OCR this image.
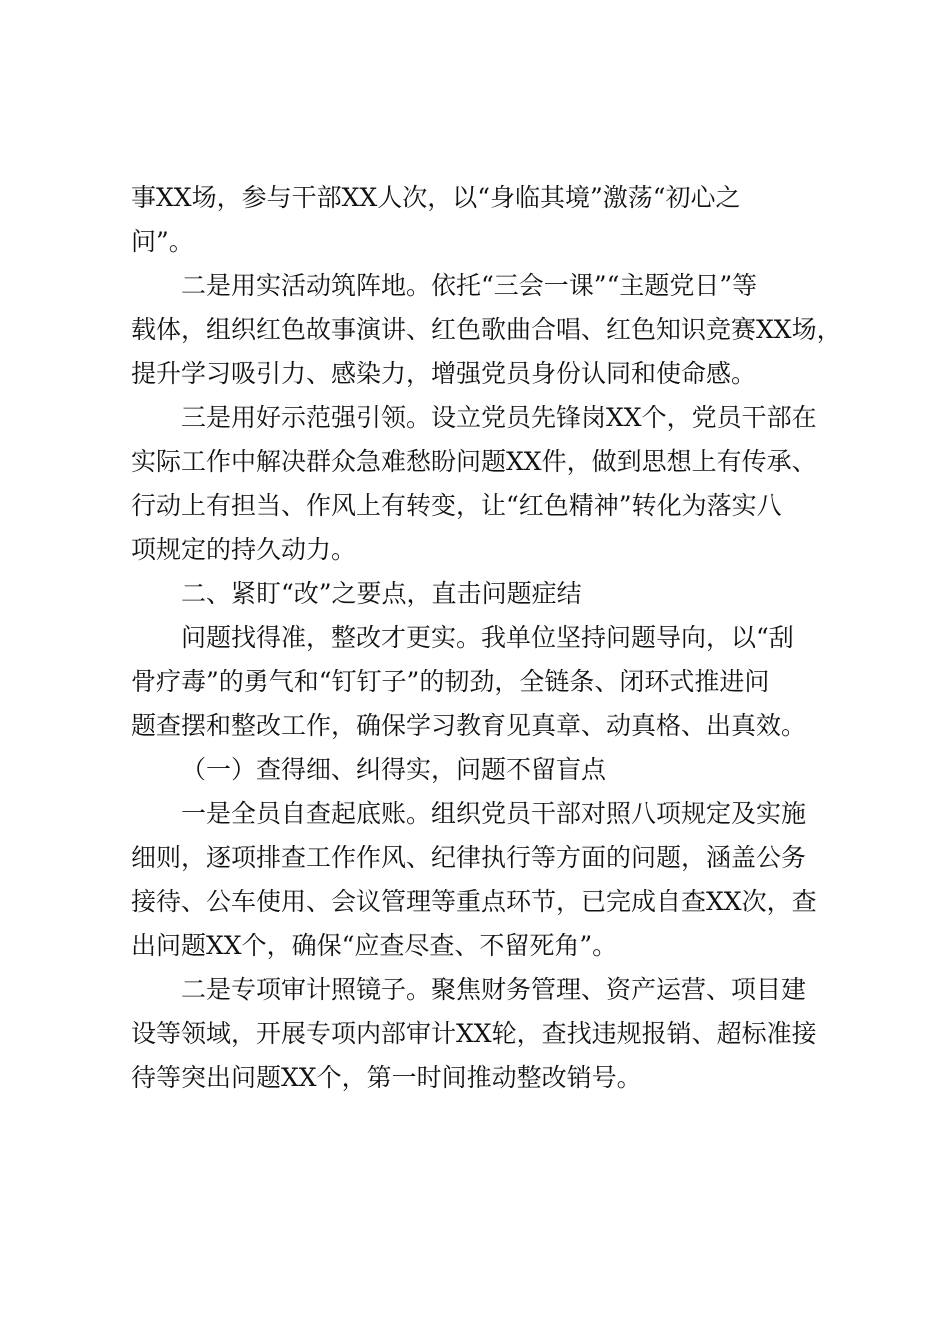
事XX场，参与干部XX人次，以“身临其境”激荡“初心之
问”。

二是用实活动筑阵地。依托“三会一课”“主题党日”等
载体，组织红色故事演讲、红色歌曲合唱、红色知识竞赛XX场，
提升学习吸引力、感染力，增强党员身份认同和使命感。

三是用好示范强引领。设立党员先锋岗XX个，党员干部在
实际工作中解决群众急难愁盼问题XX件，做到思想上有传承、
行动上有担当、作风上有转变，让“红色精神”转化为落实八
项规定的持久动力。

二、紧盯“改”之要点，直击问题症结

问题找得准，整改才更实。我单位坚持问题导向，以“刮
骨疗毒”的勇气和“钉钉子”的韧劲，全链条、闭环式推进问
题查摆和整改工作，确保学习教育见真章、动真格、出真效。

（一）查得细、纠得实，问题不留盲点

一是全员自查起底账。组织党员干部对照八项规定及实施
细则，逐项排查工作作风、纪律执行等方面的问题，涵盖公务
接待、公车使用、会议管理等重点环节，已完成自查XX次，查
出问题XX个，确保“应查尽查、不留死角”。

二是专项审计照镜子。聚焦财务管理、资产运营、项目建
设等领域，开展专项内部审计XX轮，查找违规报销、超标准接
待等突出问题XX个，第一时间推动整改销号。
